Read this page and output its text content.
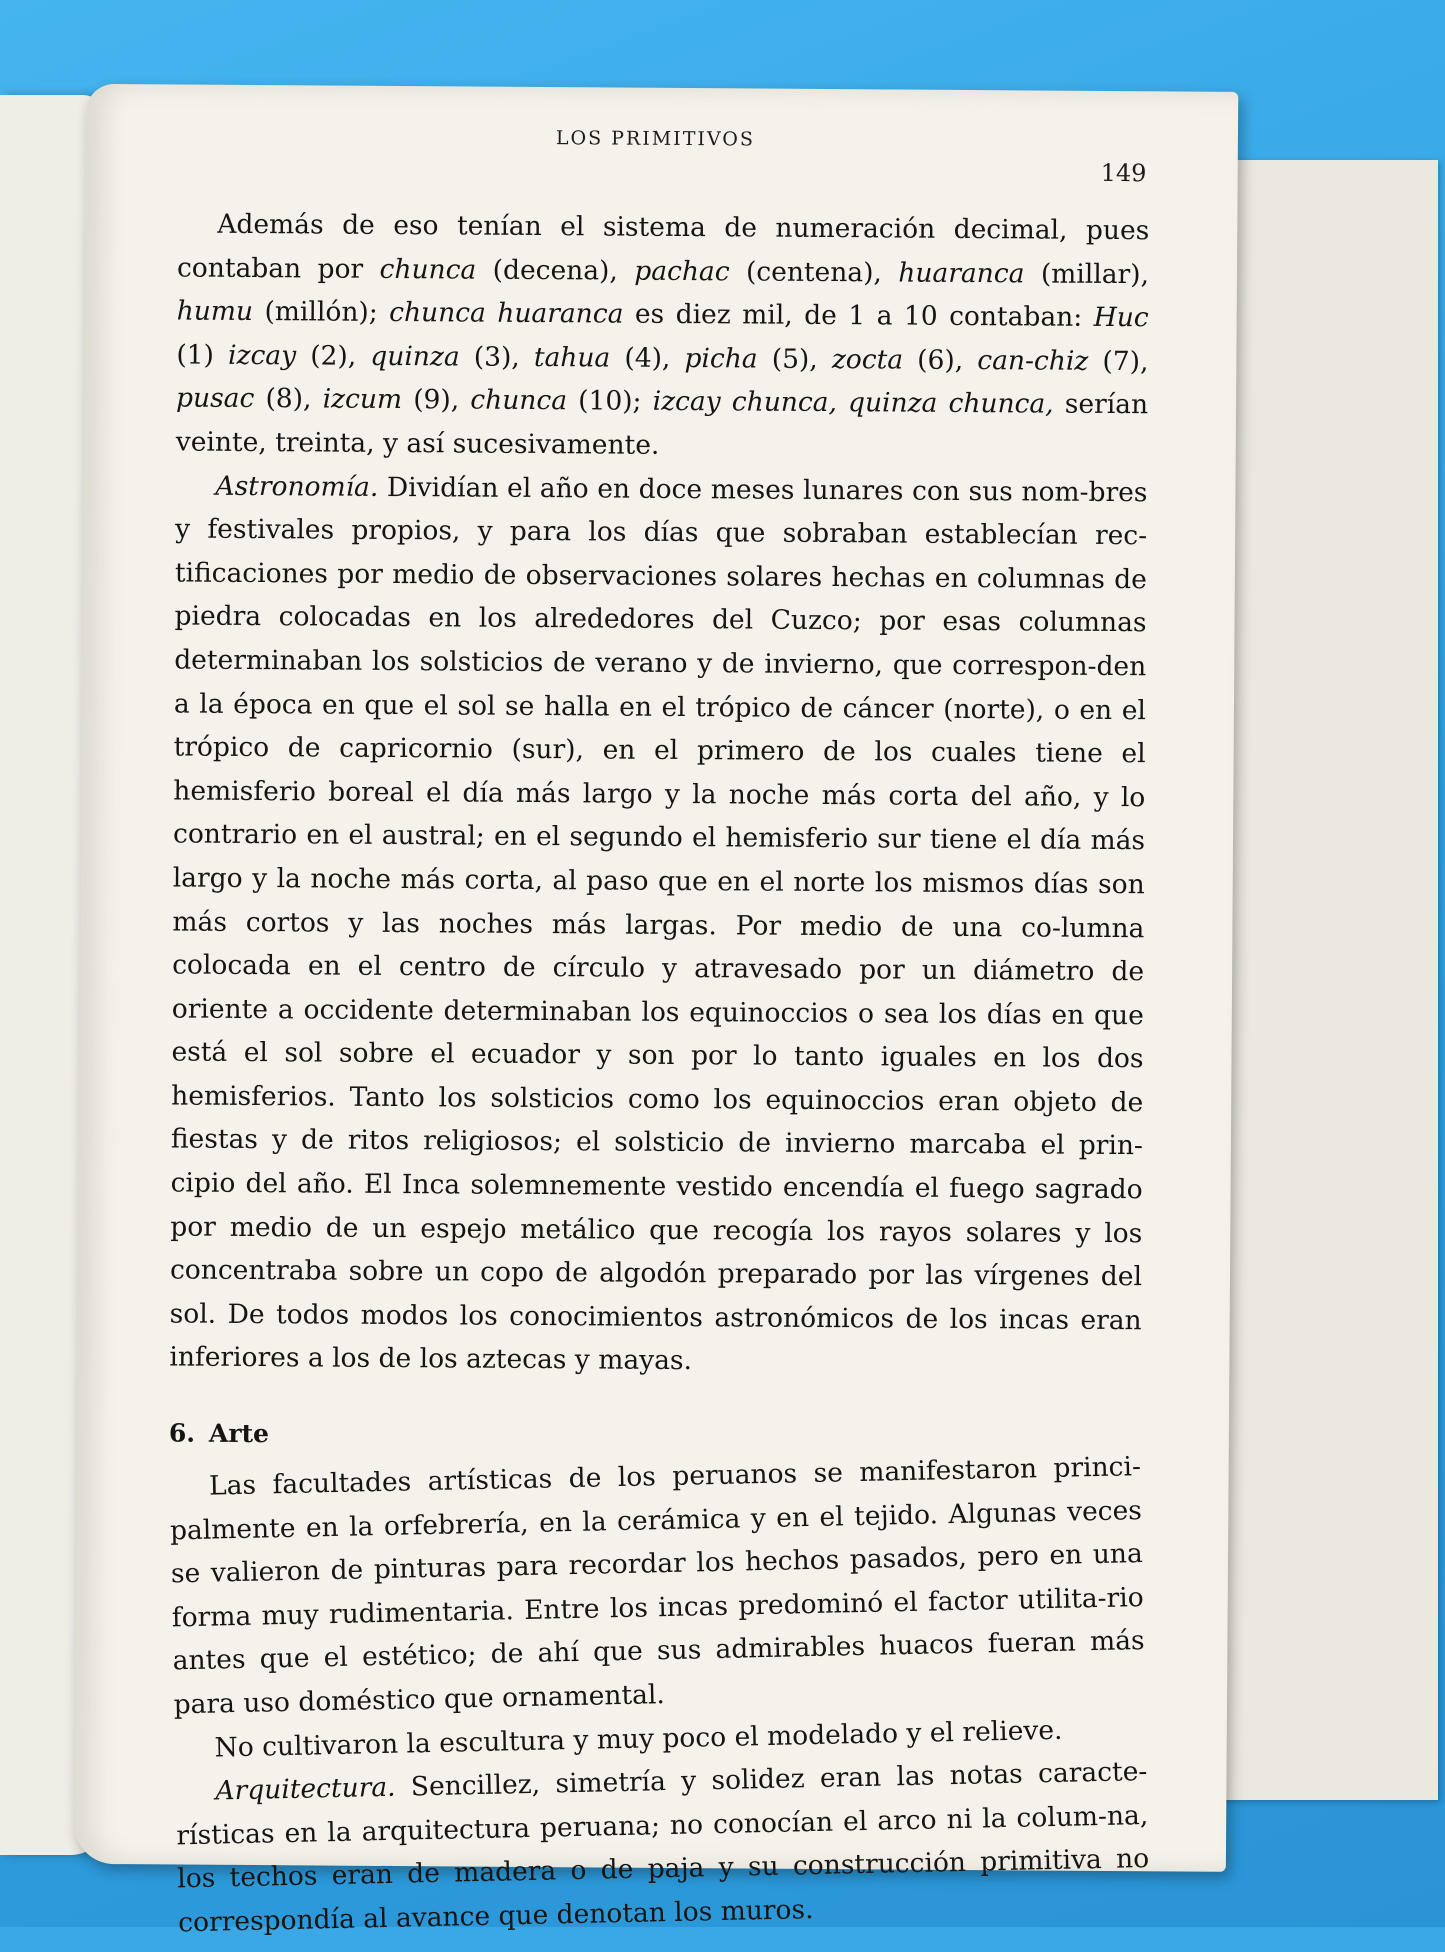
LOS PRIMITIVOS
149

Además de eso tenían el sistema de numeración decimal, pues contaban por chunca (decena), pachac (centena), huaranca (millar), humu (millón); chunca huaranca es diez mil, de 1 a 10 contaban: Huc (1) izcay (2), quinza (3), tahua (4), picha (5), zocta (6), can-chiz (7), pusac (8), izcum (9), chunca (10); izcay chunca, quinza chunca, serían veinte, treinta, y así sucesivamente.

Astronomía. Dividían el año en doce meses lunares con sus nom-bres y festivales propios, y para los días que sobraban establecían rec-tificaciones por medio de observaciones solares hechas en columnas de piedra colocadas en los alrededores del Cuzco; por esas columnas determinaban los solsticios de verano y de invierno, que correspon-den a la época en que el sol se halla en el trópico de cáncer (norte), o en el trópico de capricornio (sur), en el primero de los cuales tiene el hemisferio boreal el día más largo y la noche más corta del año, y lo contrario en el austral; en el segundo el hemisferio sur tiene el día más largo y la noche más corta, al paso que en el norte los mismos días son más cortos y las noches más largas. Por medio de una co-lumna colocada en el centro de círculo y atravesado por un diámetro de oriente a occidente determinaban los equinoccios o sea los días en que está el sol sobre el ecuador y son por lo tanto iguales en los dos hemisferios. Tanto los solsticios como los equinoccios eran objeto de fiestas y de ritos religiosos; el solsticio de invierno marcaba el prin-cipio del año. El Inca solemnemente vestido encendía el fuego sagrado por medio de un espejo metálico que recogía los rayos solares y los concentraba sobre un copo de algodón preparado por las vírgenes del sol. De todos modos los conocimientos astronómicos de los incas eran inferiores a los de los aztecas y mayas.

6. Arte

Las facultades artísticas de los peruanos se manifestaron princi-palmente en la orfebrería, en la cerámica y en el tejido. Algunas veces se valieron de pinturas para recordar los hechos pasados, pero en una forma muy rudimentaria. Entre los incas predominó el factor utilita-rio antes que el estético; de ahí que sus admirables huacos fueran más para uso doméstico que ornamental.

No cultivaron la escultura y muy poco el modelado y el relieve.

Arquitectura. Sencillez, simetría y solidez eran las notas caracte-rísticas en la arquitectura peruana; no conocían el arco ni la colum-na, los techos eran de madera o de paja y su construcción primitiva no correspondía al avance que denotan los muros.
